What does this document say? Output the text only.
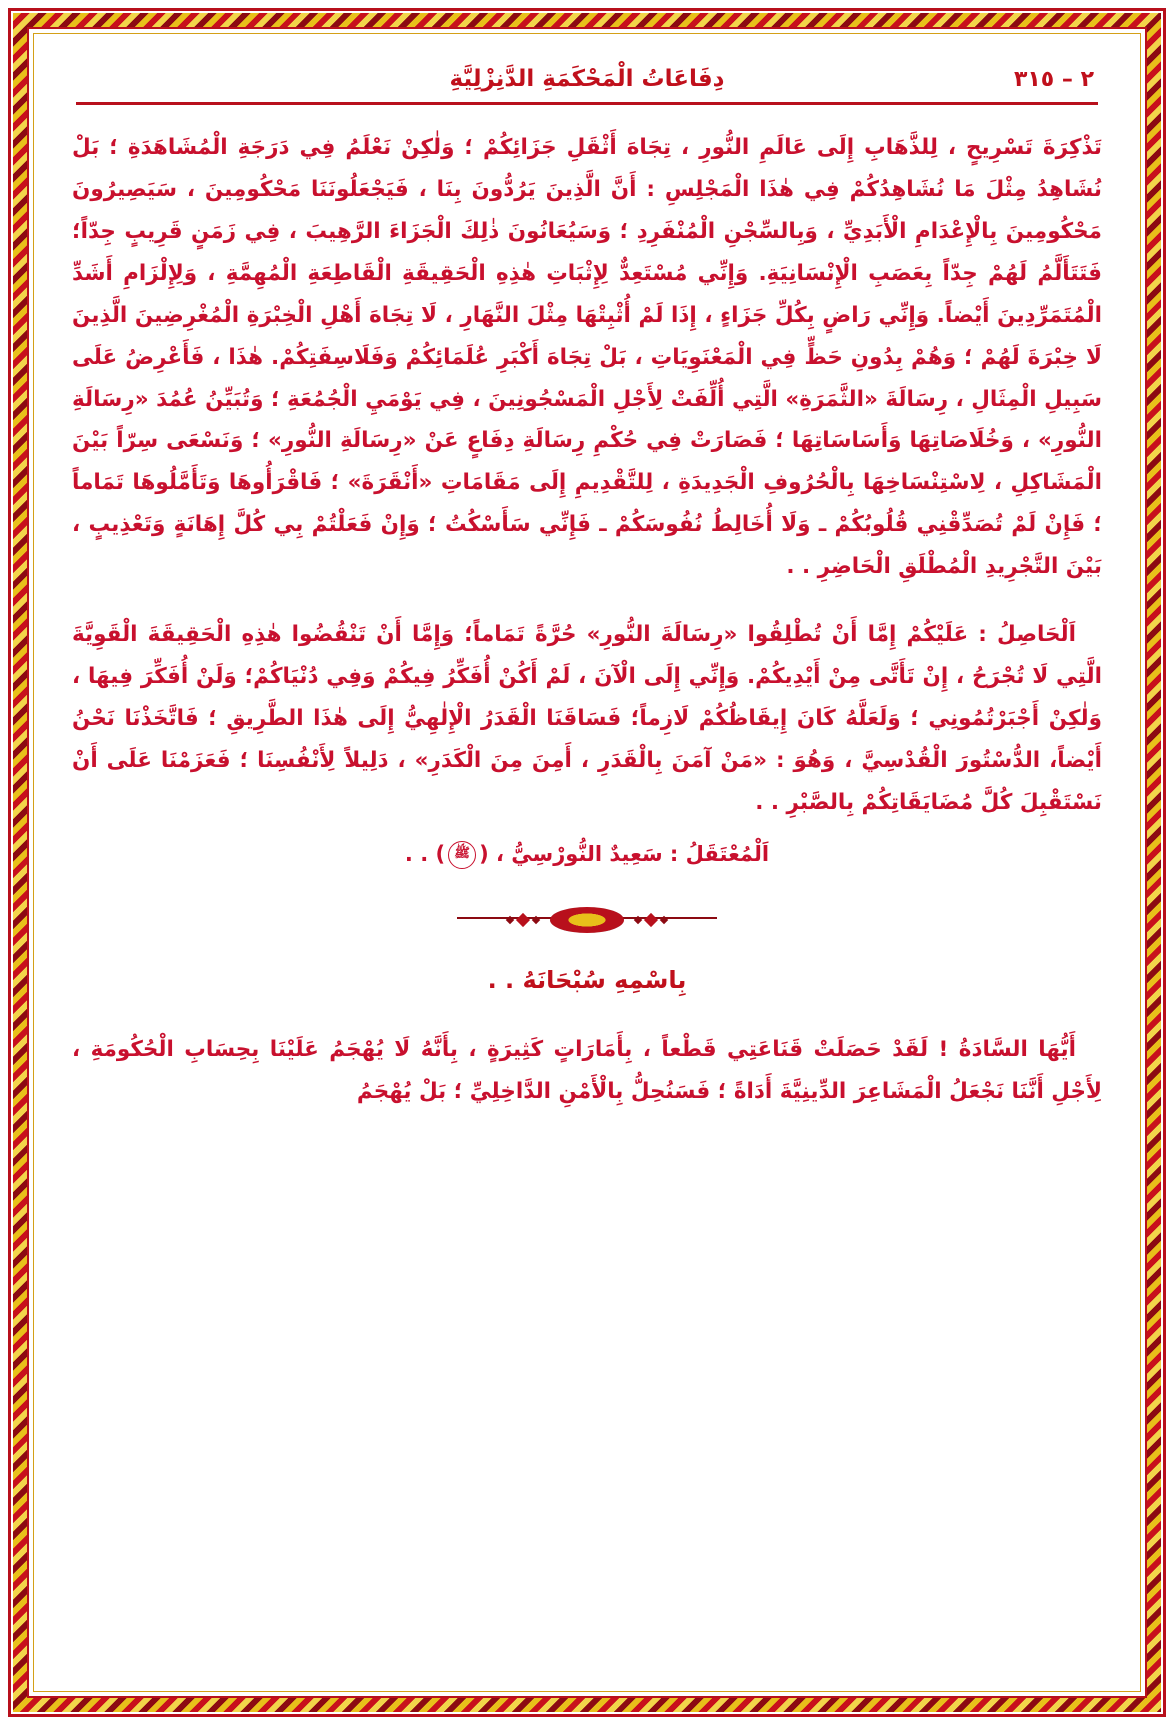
٢ – ٣١٥
دِفَاعَاتُ الْمَحْكَمَةِ الدَّنِزْلِيَّةِ

تَذْكِرَةَ تَسْرِيحٍ ، لِلذَّهَابِ إِلَى عَالَمِ النُّورِ ، تِجَاهَ أَثْقَلِ جَزَائِكُمْ ؛ وَلٰكِنْ نَعْلَمُ فِي دَرَجَةِ الْمُشَاهَدَةِ ؛ بَلْ نُشَاهِدُ مِثْلَ مَا نُشَاهِدُكُمْ فِي هٰذَا الْمَجْلِسِ : أَنَّ الَّذِينَ يَرُدُّونَ بِنَا ، فَيَجْعَلُونَنَا مَحْكُومِينَ ، سَيَصِيرُونَ مَحْكُومِينَ بِالْإِعْدَامِ الْأَبَدِيِّ ، وَبِالسِّجْنِ الْمُنْفَرِدِ ؛ وَسَيُعَانُونَ ذٰلِكَ الْجَزَاءَ الرَّهِيبَ ، فِي زَمَنٍ قَرِيبٍ جِدّاً؛ فَتَتَأَلَّمُ لَهُمْ جِدّاً بِعَصَبِ الْإِنْسَانِيَةِ. وَإِنِّي مُسْتَعِدٌّ لِإِثْبَاتِ هٰذِهِ الْحَقِيقَةِ الْقَاطِعَةِ الْمُهِمَّةِ ، وَلِإِلْزَامِ أَشَدِّ الْمُتَمَرِّدِينَ أَيْضاً. وَإِنِّي رَاضٍ بِكُلِّ جَزَاءٍ ، إِذَا لَمْ أُثْبِتْهَا مِثْلَ النَّهَارِ ، لَا تِجَاهَ أَهْلِ الْخِبْرَةِ الْمُغْرِضِينَ الَّذِينَ لَا خِبْرَةَ لَهُمْ ؛ وَهُمْ بِدُونِ حَظٍّ فِي الْمَعْنَوِيَاتِ ، بَلْ تِجَاهَ أَكْبَرِ عُلَمَائِكُمْ وَفَلَاسِفَتِكُمْ. هٰذَا ، فَأَعْرِضُ عَلَى سَبِيلِ الْمِثَالِ ، رِسَالَةَ «الثَّمَرَةِ» الَّتِي أُلِّفَتْ لِأَجْلِ الْمَسْجُونِينَ ، فِي يَوْمَيِ الْجُمُعَةِ ؛ وَتُبَيِّنُ عُمُدَ «رِسَالَةِ النُّورِ» ، وَخُلَاصَاتِهَا وَأَسَاسَاتِهَا ؛ فَصَارَتْ فِي حُكْمِ رِسَالَةِ دِفَاعٍ عَنْ «رِسَالَةِ النُّورِ» ؛ وَنَسْعَى سِرّاً بَيْنَ الْمَشَاكِلِ ، لِاسْتِنْسَاخِهَا بِالْحُرُوفِ الْجَدِيدَةِ ، لِلتَّقْدِيمِ إِلَى مَقَامَاتِ «أَنْقَرَةَ» ؛ فَاقْرَأُوهَا وَتَأَمَّلُوهَا تَمَاماً ؛ فَإِنْ لَمْ تُصَدِّقْنِي قُلُوبُكُمْ ـ وَلَا أُخَالِطُ نُفُوسَكُمْ ـ فَإِنِّي سَأَسْكُتُ ؛ وَإِنْ فَعَلْتُمْ بِي كُلَّ إِهَانَةٍ وَتَعْذِيبٍ ، بَيْنَ التَّجْرِيدِ الْمُطْلَقِ الْحَاضِرِ . .

اَلْحَاصِلُ : عَلَيْكُمْ إِمَّا أَنْ تُطْلِقُوا «رِسَالَةَ النُّورِ» حُرَّةً تَمَاماً؛ وَإِمَّا أَنْ تَنْقُضُوا هٰذِهِ الْحَقِيقَةَ الْقَوِيَّةَ الَّتِي لَا تُجْرَحُ ، إِنْ تَأَتَّى مِنْ أَيْدِيكُمْ. وَإِنِّي إِلَى الْآنَ ، لَمْ أَكُنْ أُفَكِّرُ فِيكُمْ وَفِي دُنْيَاكُمْ؛ وَلَنْ أُفَكِّرَ فِيهَا ، وَلٰكِنْ أَجْبَرْتُمُونِي ؛ وَلَعَلَّهُ كَانَ إِيقَاظُكُمْ لَازِماً؛ فَسَاقَنَا الْقَدَرُ الْإِلٰهِيُّ إِلَى هٰذَا الطَّرِيقِ ؛ فَاتَّخَذْنَا نَحْنُ أَيْضاً، الدُّسْتُورَ الْقُدْسِيَّ ، وَهُوَ : «مَنْ آمَنَ بِالْقَدَرِ ، أَمِنَ مِنَ الْكَدَرِ» ، دَلِيلاً لِأَنْفُسِنَا ؛ فَعَزَمْنَا عَلَى أَنْ نَسْتَقْبِلَ كُلَّ مُضَايَقَاتِكُمْ بِالصَّبْرِ . .

اَلْمُعْتَقَلُ : سَعِيدٌ النُّورْسِيُّ ، (ﷺ) . .
بِاسْمِهِ سُبْحَانَهُ . .

أَيُّهَا السَّادَةُ ! لَقَدْ حَصَلَتْ قَنَاعَتِي قَطْعاً ، بِأَمَارَاتٍ كَثِيرَةٍ ، بِأَنَّهُ لَا يُهْجَمُ عَلَيْنَا بِحِسَابِ الْحُكُومَةِ ، لِأَجْلِ أَنَّنَا نَجْعَلُ الْمَشَاعِرَ الدِّينِيَّةَ أَدَاةً ؛ فَسَنُحِلُّ بِالْأَمْنِ الدَّاخِلِيِّ ؛ بَلْ يُهْجَمُ
